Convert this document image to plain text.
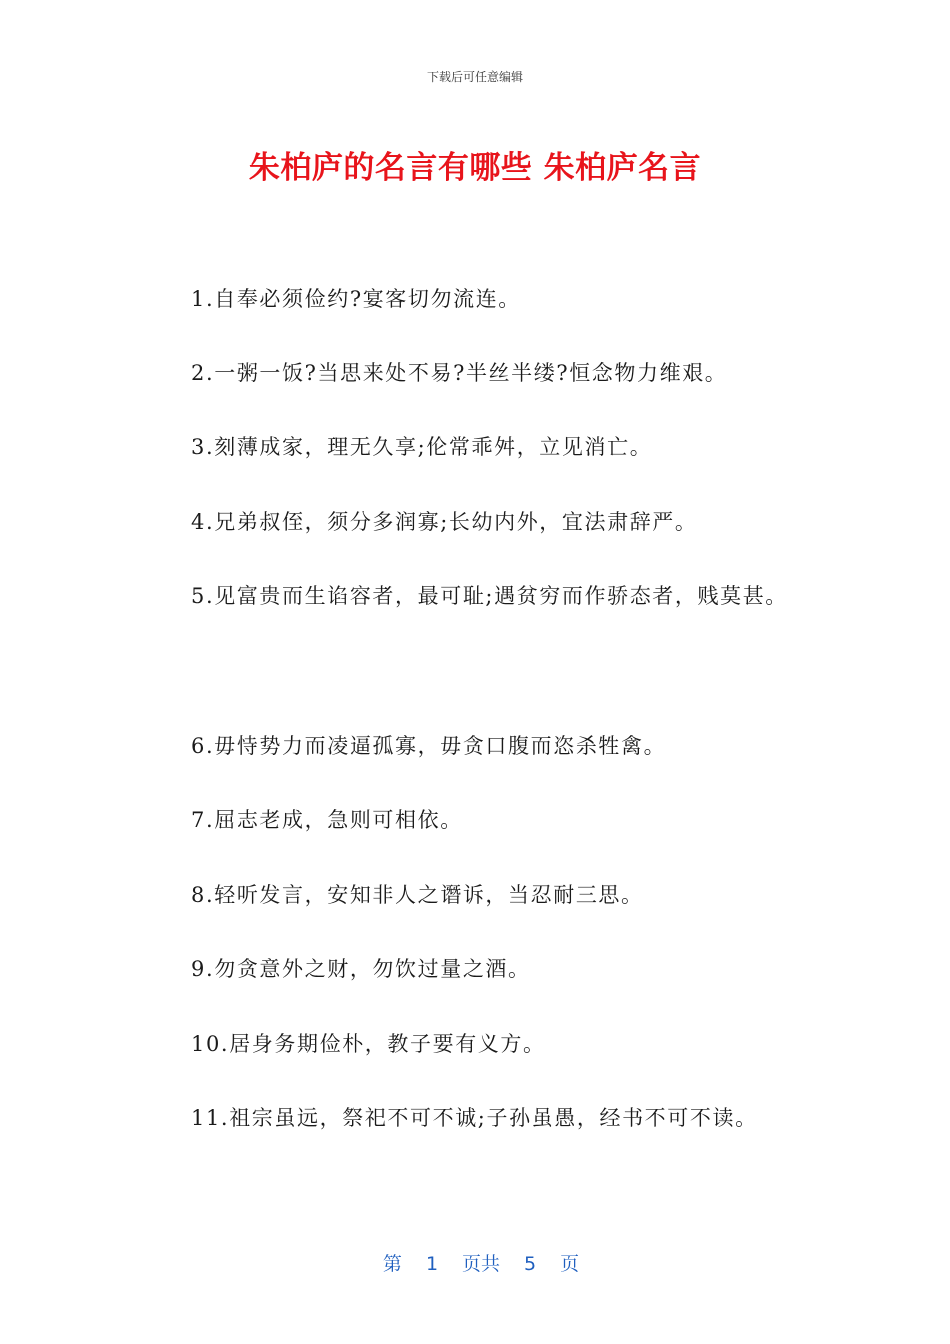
下载后可任意编辑
朱柏庐的名言有哪些 朱柏庐名言
1.自奉必须俭约?宴客切勿流连。
2.一粥一饭?当思来处不易?半丝半缕?恒念物力维艰。
3.刻薄成家，理无久享;伦常乖舛，立见消亡。
4.兄弟叔侄，须分多润寡;长幼内外，宜法肃辞严。
5.见富贵而生谄容者，最可耻;遇贫穷而作骄态者，贱莫甚。
6.毋恃势力而凌逼孤寡，毋贪口腹而恣杀牲禽。
7.屈志老成，急则可相依。
8.轻听发言，安知非人之谮诉，当忍耐三思。
9.勿贪意外之财，勿饮过量之酒。
10.居身务期俭朴，教子要有义方。
11.祖宗虽远，祭祀不可不诚;子孙虽愚，经书不可不读。

第 1 页共 5 页
